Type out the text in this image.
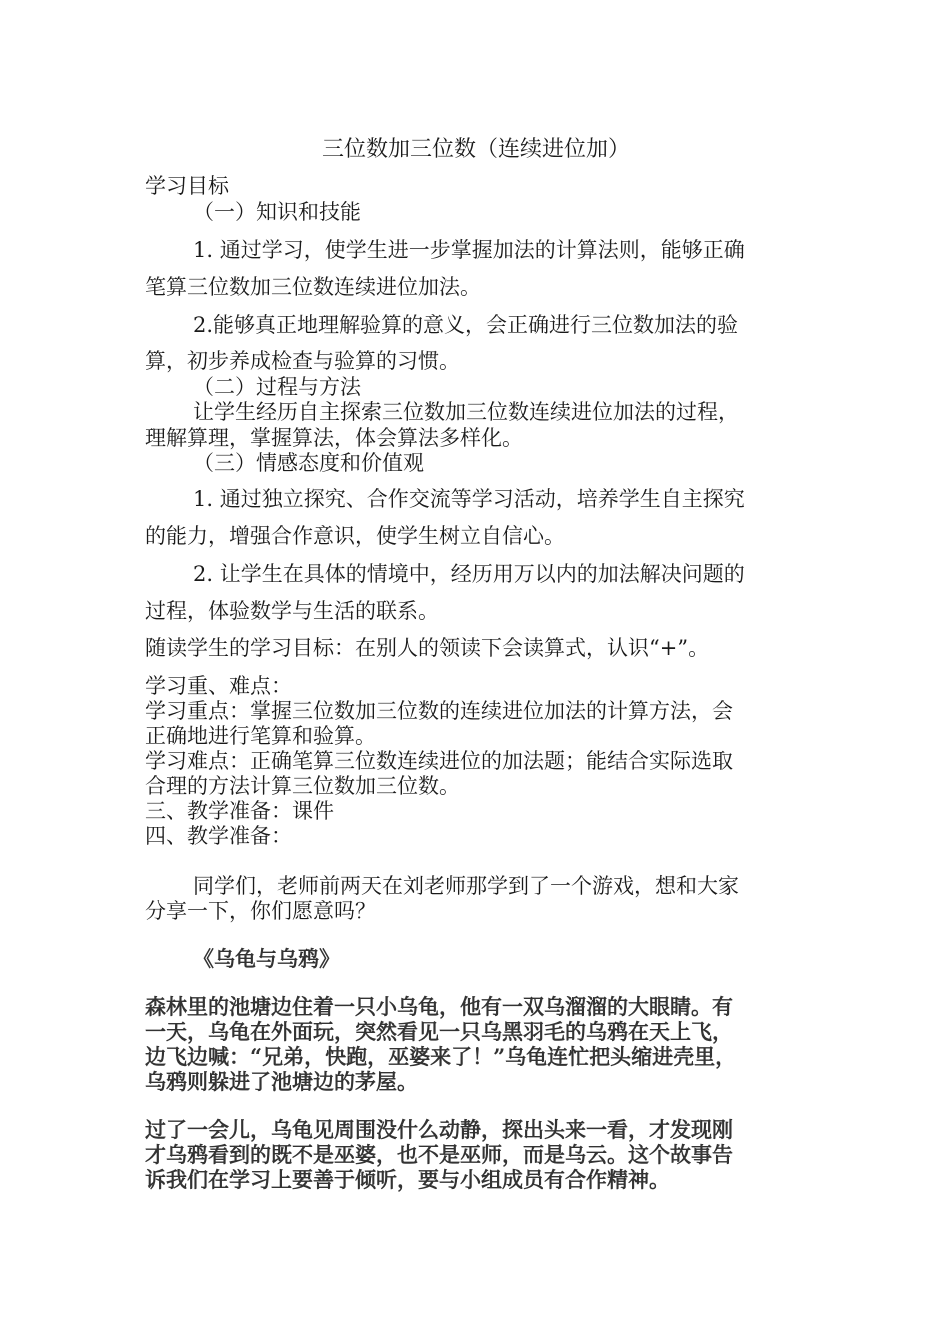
三位数加三位数（连续进位加）
学习目标
（一）知识和技能
1. 通过学习，使学生进一步掌握加法的计算法则，能够正确
笔算三位数加三位数连续进位加法。
2.能够真正地理解验算的意义，会正确进行三位数加法的验
算，初步养成检查与验算的习惯。
（二）过程与方法
让学生经历自主探索三位数加三位数连续进位加法的过程，
理解算理，掌握算法，体会算法多样化。
（三）情感态度和价值观
1. 通过独立探究、合作交流等学习活动，培养学生自主探究
的能力，增强合作意识，使学生树立自信心。
2. 让学生在具体的情境中，经历用万以内的加法解决问题的
过程，体验数学与生活的联系。
随读学生的学习目标：在别人的领读下会读算式，认识“+”。
学习重、难点：
学习重点：掌握三位数加三位数的连续进位加法的计算方法，会
正确地进行笔算和验算。
学习难点：正确笔算三位数连续进位的加法题；能结合实际选取
合理的方法计算三位数加三位数。
三、教学准备：课件
四、教学准备：
同学们，老师前两天在刘老师那学到了一个游戏，想和大家
分享一下，你们愿意吗？
《乌龟与乌鸦》
森林里的池塘边住着一只小乌龟，他有一双乌溜溜的大眼睛。有
一天，乌龟在外面玩，突然看见一只乌黑羽毛的乌鸦在天上飞，
边飞边喊：“兄弟，快跑，巫婆来了！”乌龟连忙把头缩进壳里，
乌鸦则躲进了池塘边的茅屋。
过了一会儿，乌龟见周围没什么动静，探出头来一看，才发现刚
才乌鸦看到的既不是巫婆，也不是巫师，而是乌云。这个故事告
诉我们在学习上要善于倾听，要与小组成员有合作精神。
